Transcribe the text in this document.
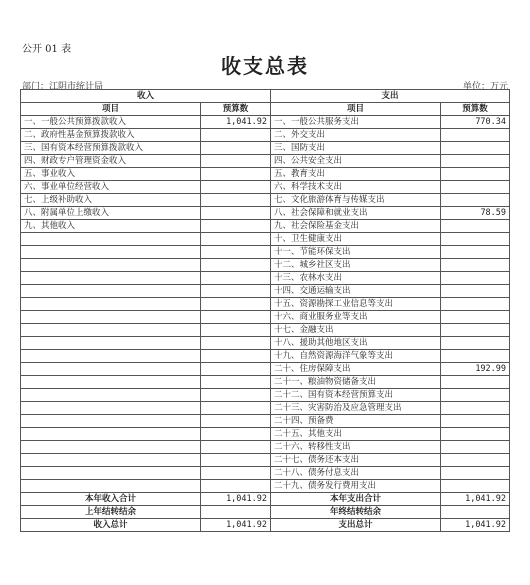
公开 01 表
收支总表
部门：江阴市统计局	单位：万元
收入		支出	
项目	预算数	项目	预算数
一、一般公共预算拨款收入	1,041.92	一、一般公共服务支出	770.34
二、政府性基金预算拨款收入		二、外交支出	
三、国有资本经营预算拨款收入		三、国防支出	
四、财政专户管理资金收入		四、公共安全支出	
五、事业收入		五、教育支出	
六、事业单位经营收入		六、科学技术支出	
七、上级补助收入		七、文化旅游体育与传媒支出	
八、附属单位上缴收入		八、社会保障和就业支出	78.59
九、其他收入		九、社会保险基金支出	
		十、卫生健康支出	
		十一、节能环保支出	
		十二、城乡社区支出	
		十三、农林水支出	
		十四、交通运输支出	
		十五、资源勘探工业信息等支出	
		十六、商业服务业等支出	
		十七、金融支出	
		十八、援助其他地区支出	
		十九、自然资源海洋气象等支出	
		二十、住房保障支出	192.99
		二十一、粮油物资储备支出	
		二十二、国有资本经营预算支出	
		二十三、灾害防治及应急管理支出	
		二十四、预备费	
		二十五、其他支出	
		二十六、转移性支出	
		二十七、债务还本支出	
		二十八、债务付息支出	
		二十九、债务发行费用支出	
本年收入合计	1,041.92	本年支出合计	1,041.92
上年结转结余		年终结转结余	
收入总计	1,041.92	支出总计	1,041.92
